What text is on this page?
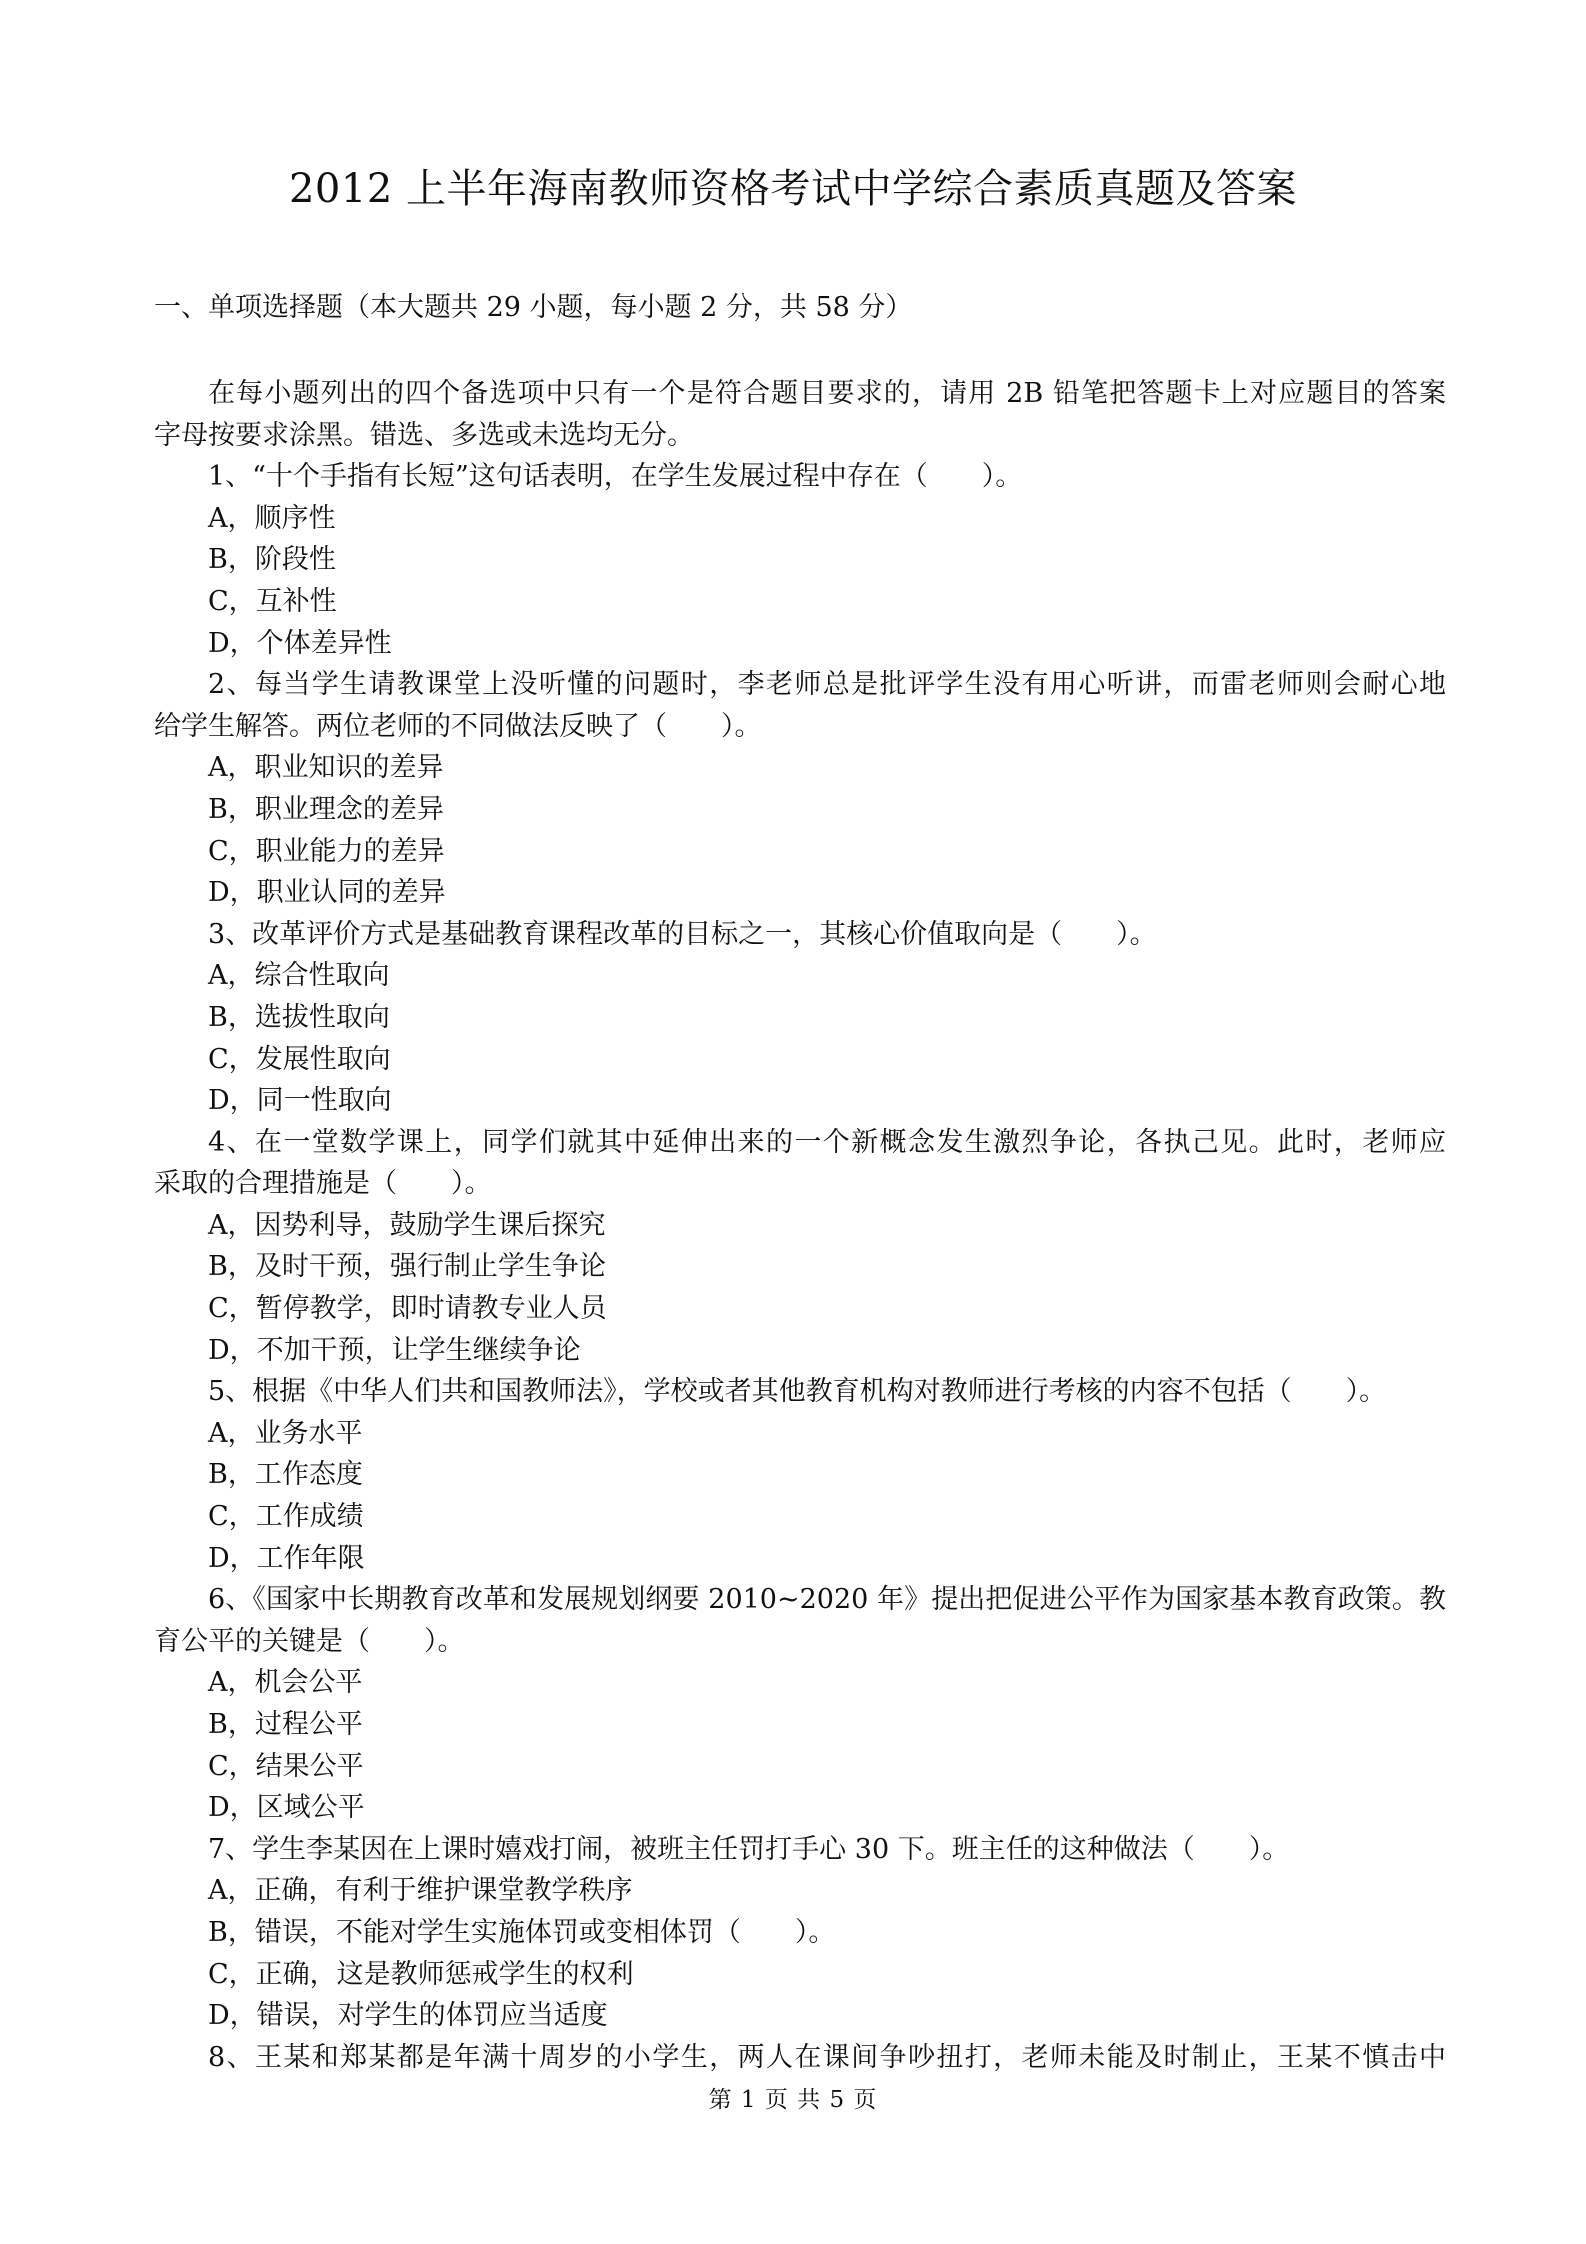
2012 上半年海南教师资格考试中学综合素质真题及答案
一、单项选择题（本大题共 29 小题，每小题 2 分，共 58 分）
在每小题列出的四个备选项中只有一个是符合题目要求的，请用 2B 铅笔把答题卡上对应题目的答案
字母按要求涂黑。错选、多选或未选均无分。
1、“十个手指有长短”这句话表明，在学生发展过程中存在（　　）。
A，顺序性
B，阶段性
C，互补性
D，个体差异性
2、每当学生请教课堂上没听懂的问题时，李老师总是批评学生没有用心听讲，而雷老师则会耐心地
给学生解答。两位老师的不同做法反映了（　　）。
A，职业知识的差异
B，职业理念的差异
C，职业能力的差异
D，职业认同的差异
3、改革评价方式是基础教育课程改革的目标之一，其核心价值取向是（　　）。
A，综合性取向
B，选拔性取向
C，发展性取向
D，同一性取向
4、在一堂数学课上，同学们就其中延伸出来的一个新概念发生激烈争论，各执己见。此时，老师应
采取的合理措施是（　　）。
A，因势利导，鼓励学生课后探究
B，及时干预，强行制止学生争论
C，暂停教学，即时请教专业人员
D，不加干预，让学生继续争论
5、根据《中华人们共和国教师法》，学校或者其他教育机构对教师进行考核的内容不包括（　　）。
A，业务水平
B，工作态度
C，工作成绩
D，工作年限
6、《国家中长期教育改革和发展规划纲要 2010~2020 年》提出把促进公平作为国家基本教育政策。教
育公平的关键是（　　）。
A，机会公平
B，过程公平
C，结果公平
D，区域公平
7、学生李某因在上课时嬉戏打闹，被班主任罚打手心 30 下。班主任的这种做法（　　）。
A，正确，有利于维护课堂教学秩序
B，错误，不能对学生实施体罚或变相体罚（　　）。
C，正确，这是教师惩戒学生的权利
D，错误，对学生的体罚应当适度
8、王某和郑某都是年满十周岁的小学生，两人在课间争吵扭打，老师未能及时制止，王某不慎击中
第 1 页 共 5 页
